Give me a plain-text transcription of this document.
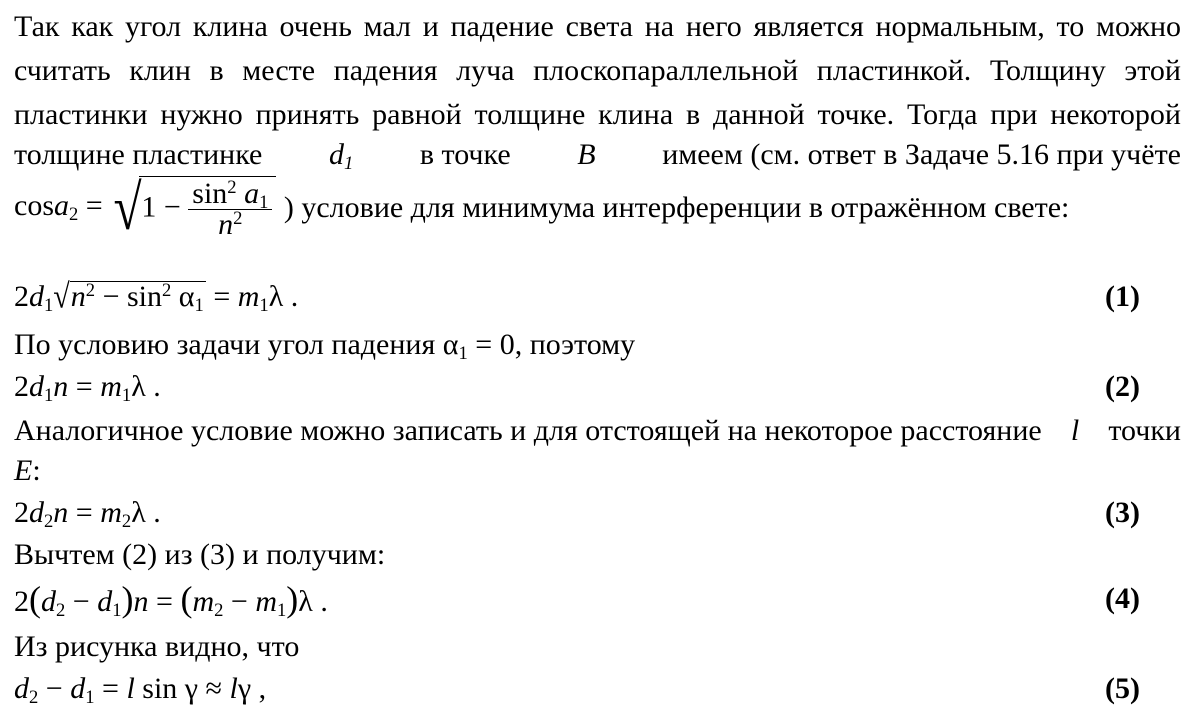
Так как угол клина очень мал и падение света на него является нормальным, то можно
считать клин в месте падения луча плоскопараллельной пластинкой. Толщину этой
пластинки нужно принять равной толщине клина в данной точке. Тогда при некоторой
толщине пластинке $d_1$ в точке B имеем (см. ответ в Задаче 5.16 при учёте
$\cos a_2 = √1 - \frac{\sin^2 a_1}{n^2}$ ) условие для минимума интерференции в отражённом свете:
$2d_1√n^2 - \sin^2 \alpha_1 = m_1\lambda$ .	(1)
По условию задачи угол падения $\alpha_1 = 0$, поэтому
$2d_1n = m_1\lambda$ .	(2)
Аналогичное условие можно записать и для отстоящей на некоторое расстояние l точки
E:
$2d_2n = m_2\lambda$ .	(3)
Вычтем (2) из (3) и получим:
$2(d_2 - d_1)n = (m_2 - m_1)\lambda$ .	(4)
Из рисунка видно, что
$d_2 - d_1 = l$ sin γ ≈ lγ ,	(5)
